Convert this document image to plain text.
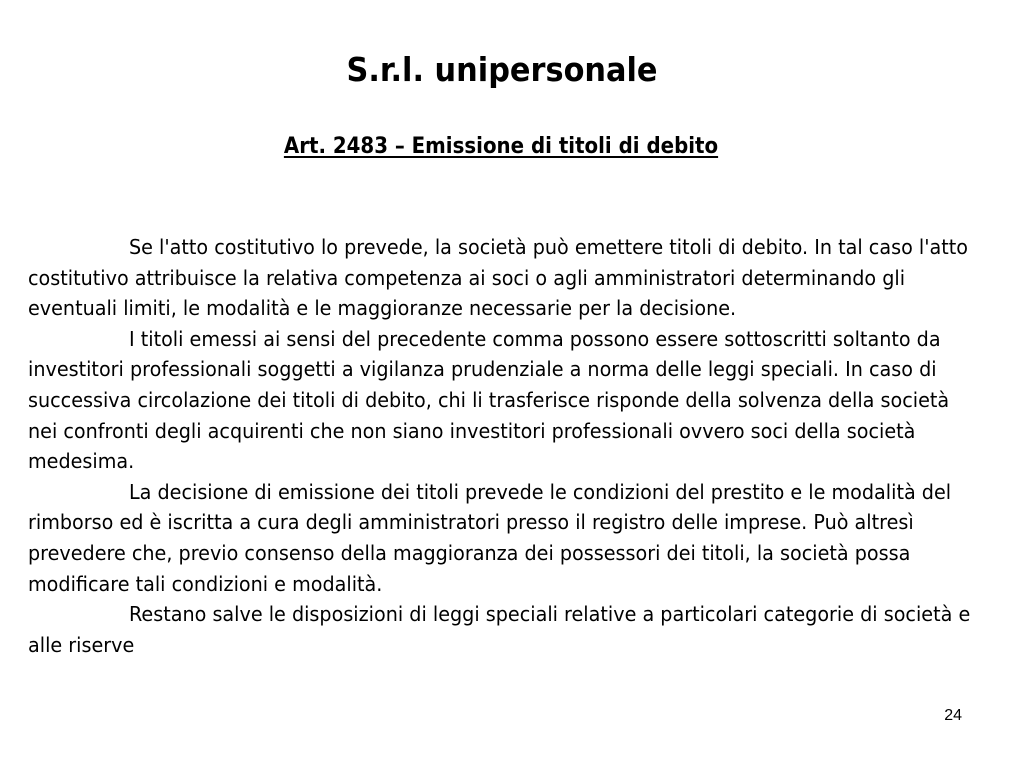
S.r.l. unipersonale
Art. 2483 – Emissione di titoli di debito

Se l'atto costitutivo lo prevede, la società può emettere titoli di debito. In tal caso l'atto costitutivo attribuisce la relativa competenza ai soci o agli amministratori determinando gli eventuali limiti, le modalità e le maggioranze necessarie per la decisione.

I titoli emessi ai sensi del precedente comma possono essere sottoscritti soltanto da investitori professionali soggetti a vigilanza prudenziale a norma delle leggi speciali. In caso di successiva circolazione dei titoli di debito, chi li trasferisce risponde della solvenza della società nei confronti degli acquirenti che non siano investitori professionali ovvero soci della società medesima.

La decisione di emissione dei titoli prevede le condizioni del prestito e le modalità del rimborso ed è iscritta a cura degli amministratori presso il registro delle imprese. Può altresì prevedere che, previo consenso della maggioranza dei possessori dei titoli, la società possa modificare tali condizioni e modalità.

Restano salve le disposizioni di leggi speciali relative a particolari categorie di società e alle riserve

24
